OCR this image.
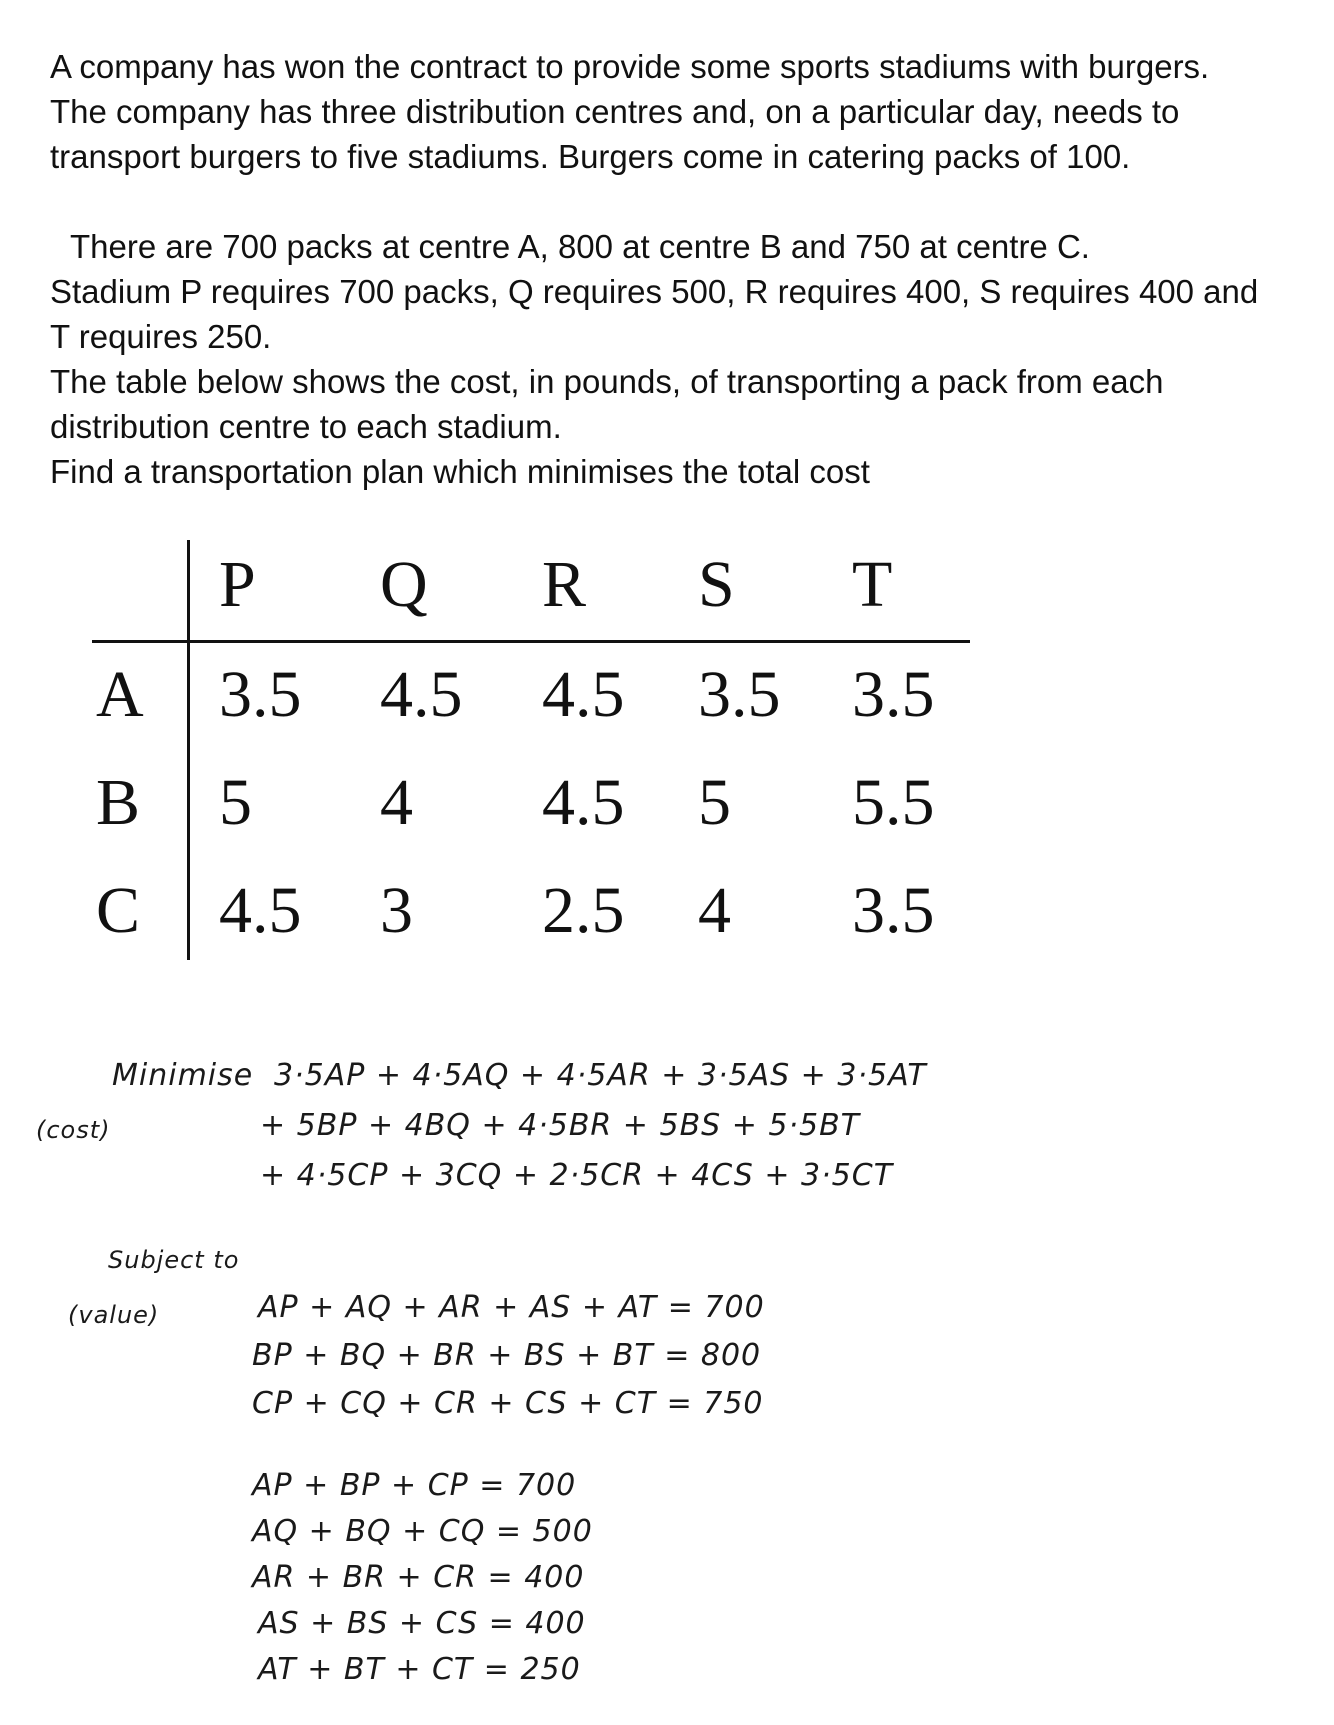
A company has won the contract to provide some sports stadiums with burgers.

The company has three distribution centres and, on a particular day, needs to

transport burgers to five stadiums. Burgers come in catering packs of 100.

There are 700 packs at centre A, 800 at centre B and 750 at centre C.

Stadium P requires 700 packs, Q requires 500, R requires 400, S requires 400 and

T requires 250.

The table below shows the cost, in pounds, of transporting a pack from each

distribution centre to each stadium.

Find a transportation plan which minimises the total cost

P Q R S T
A 3.5 4.5 4.5 3.5 3.5
B 5 4 4.5 5 5.5
C 4.5 3 2.5 4 3.5
Minimise
(cost)
3·5AP + 4·5AQ + 4·5AR + 3·5AS + 3·5AT
+ 5BP + 4BQ + 4·5BR + 5BS + 5·5BT
+ 4·5CP + 3CQ + 2·5CR + 4CS + 3·5CT
Subject to
(value)	AP + AQ + AR + AS + AT = 700
BP + BQ + BR + BS + BT = 800
CP + CQ + CR + CS + CT = 750
AP + BP + CP = 700
AQ + BQ + CQ = 500
AR + BR + CR = 400
AS + BS + CS = 400
AT + BT + CT = 250
